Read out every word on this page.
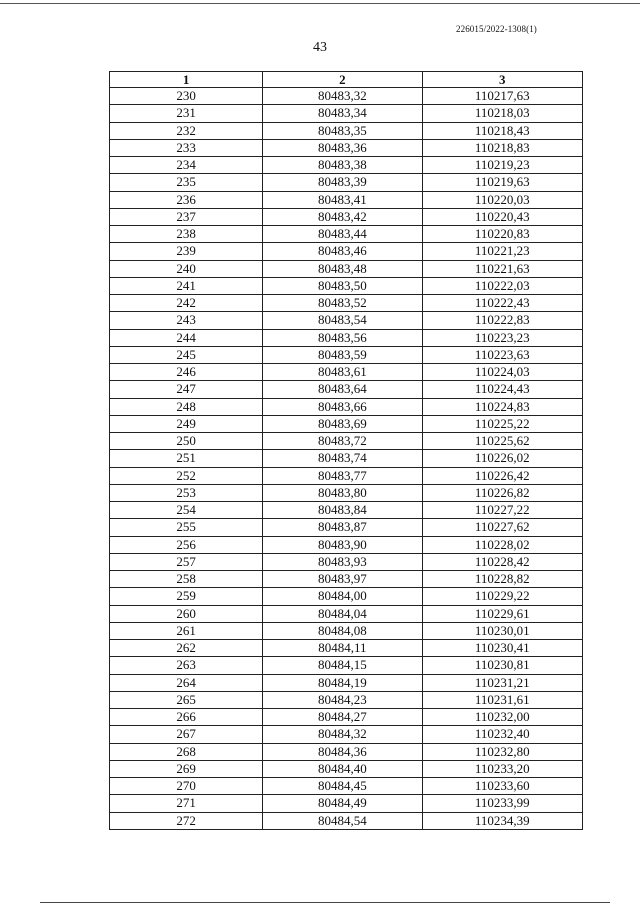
226015/2022-1308(1)
43
1	2	3
230	80483,32	110217,63
231	80483,34	110218,03
232	80483,35	110218,43
233	80483,36	110218,83
234	80483,38	110219,23
235	80483,39	110219,63
236	80483,41	110220,03
237	80483,42	110220,43
238	80483,44	110220,83
239	80483,46	110221,23
240	80483,48	110221,63
241	80483,50	110222,03
242	80483,52	110222,43
243	80483,54	110222,83
244	80483,56	110223,23
245	80483,59	110223,63
246	80483,61	110224,03
247	80483,64	110224,43
248	80483,66	110224,83
249	80483,69	110225,22
250	80483,72	110225,62
251	80483,74	110226,02
252	80483,77	110226,42
253	80483,80	110226,82
254	80483,84	110227,22
255	80483,87	110227,62
256	80483,90	110228,02
257	80483,93	110228,42
258	80483,97	110228,82
259	80484,00	110229,22
260	80484,04	110229,61
261	80484,08	110230,01
262	80484,11	110230,41
263	80484,15	110230,81
264	80484,19	110231,21
265	80484,23	110231,61
266	80484,27	110232,00
267	80484,32	110232,40
268	80484,36	110232,80
269	80484,40	110233,20
270	80484,45	110233,60
271	80484,49	110233,99
272	80484,54	110234,39
